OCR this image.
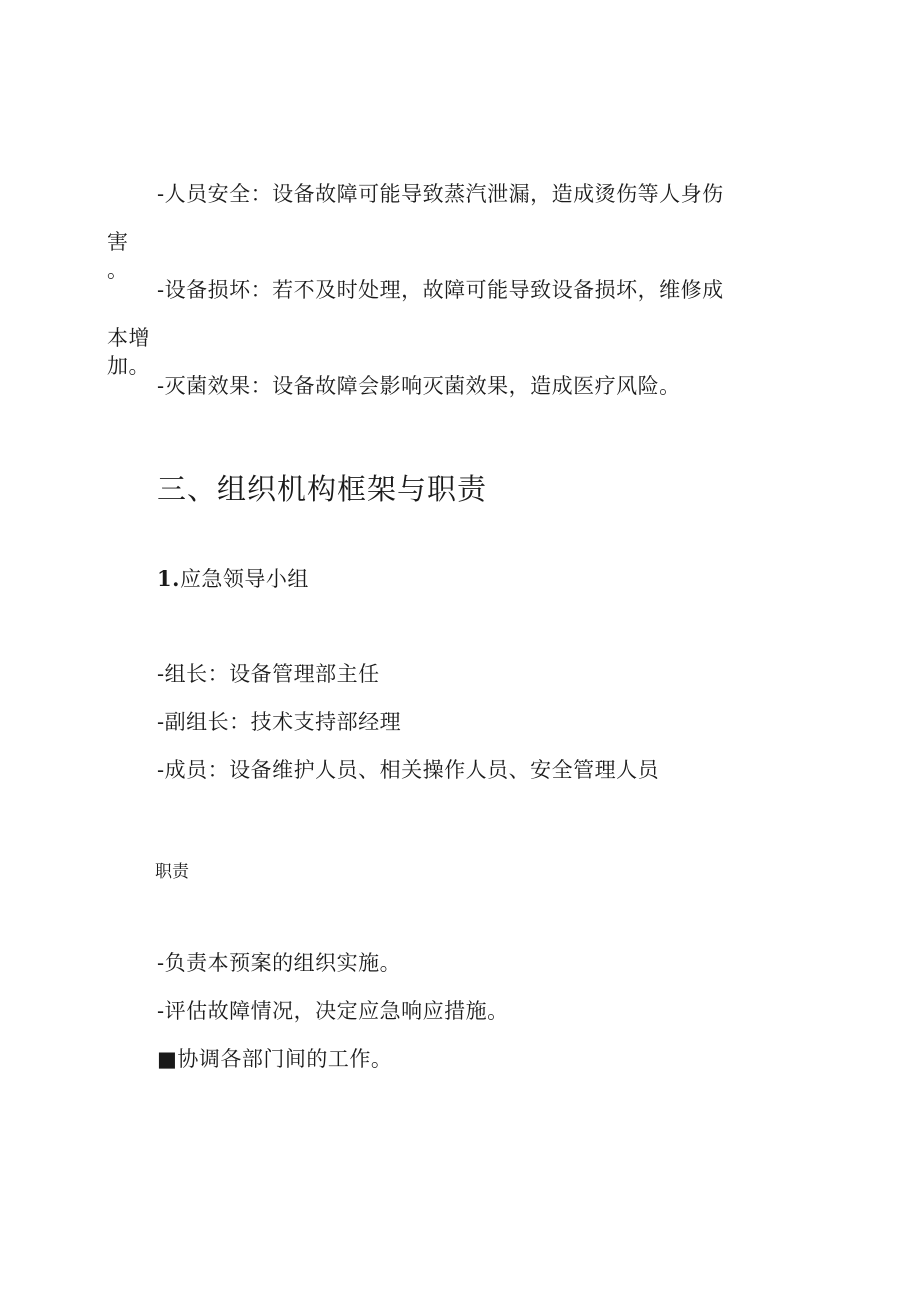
-人员安全：设备故障可能导致蒸汽泄漏，造成烫伤等人身伤
害
。
-设备损坏：若不及时处理，故障可能导致设备损坏，维修成
本增
加。
-灭菌效果：设备故障会影响灭菌效果，造成医疗风险。
三、组织机构框架与职责
1.应急领导小组
-组长：设备管理部主任
-副组长：技术支持部经理
-成员：设备维护人员、相关操作人员、安全管理人员
职责
-负责本预案的组织实施。
-评估故障情况，决定应急响应措施。
■协调各部门间的工作。
